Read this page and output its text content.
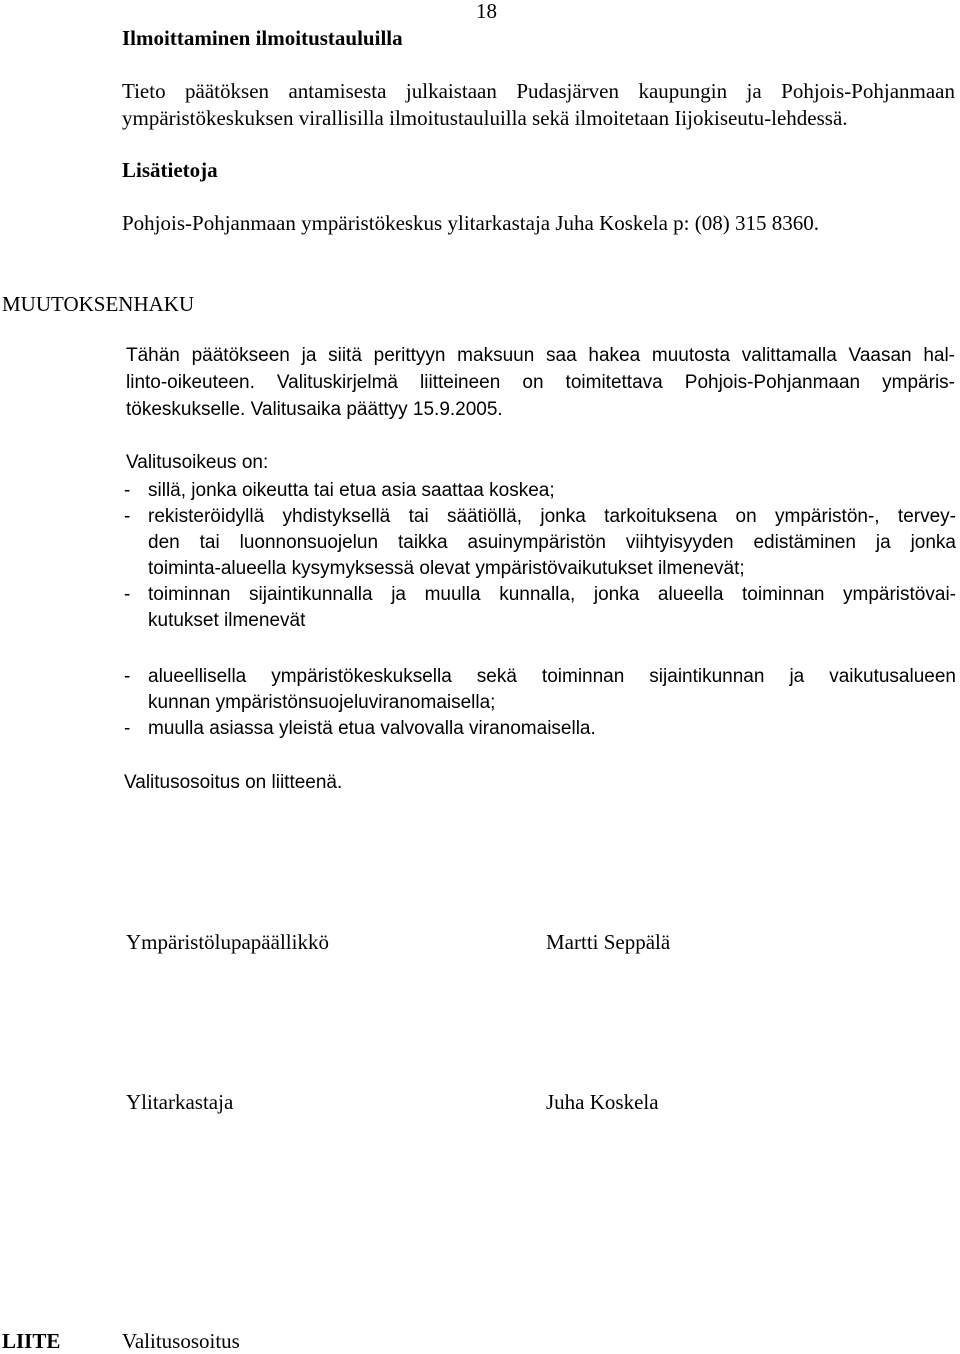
Ilmoittaminen ilmoitustauluilla
18
Tieto päätöksen antamisesta julkaistaan Pudasjärven kaupungin ja Pohjois-Pohjanmaan
ympäristökeskuksen virallisilla ilmoitustauluilla sekä ilmoitetaan Iijokiseutu-lehdessä.
Lisätietoja
Pohjois-Pohjanmaan ympäristökeskus ylitarkastaja Juha Koskela p: (08) 315 8360.
MUUTOKSENHAKU
Tähän päätökseen ja siitä perittyyn maksuun saa hakea muutosta valittamalla Vaasan hal-
linto-oikeuteen. Valituskirjelmä liitteineen on toimitettava Pohjois-Pohjanmaan ympäris-
tökeskukselle. Valitusaika päättyy 15.9.2005.
Valitusoikeus on:
- sillä, jonka oikeutta tai etua asia saattaa koskea;
- rekisteröidyllä yhdistyksellä tai säätiöllä, jonka tarkoituksena on ympäristön-, tervey-
den tai luonnonsuojelun taikka asuinympäristön viihtyisyyden edistäminen ja jonka
toiminta-alueella kysymyksessä olevat ympäristövaikutukset ilmenevät;
- toiminnan sijaintikunnalla ja muulla kunnalla, jonka alueella toiminnan ympäristövai-
kutukset ilmenevät
- alueellisella ympäristökeskuksella sekä toiminnan sijaintikunnan ja vaikutusalueen
kunnan ympäristönsuojeluviranomaisella;
- muulla asiassa yleistä etua valvovalla viranomaisella.
Valitusosoitus on liitteenä.
Ympäristölupapäällikkö	Martti Seppälä
Ylitarkastaja	Juha Koskela
LIITE	Valitusosoitus
